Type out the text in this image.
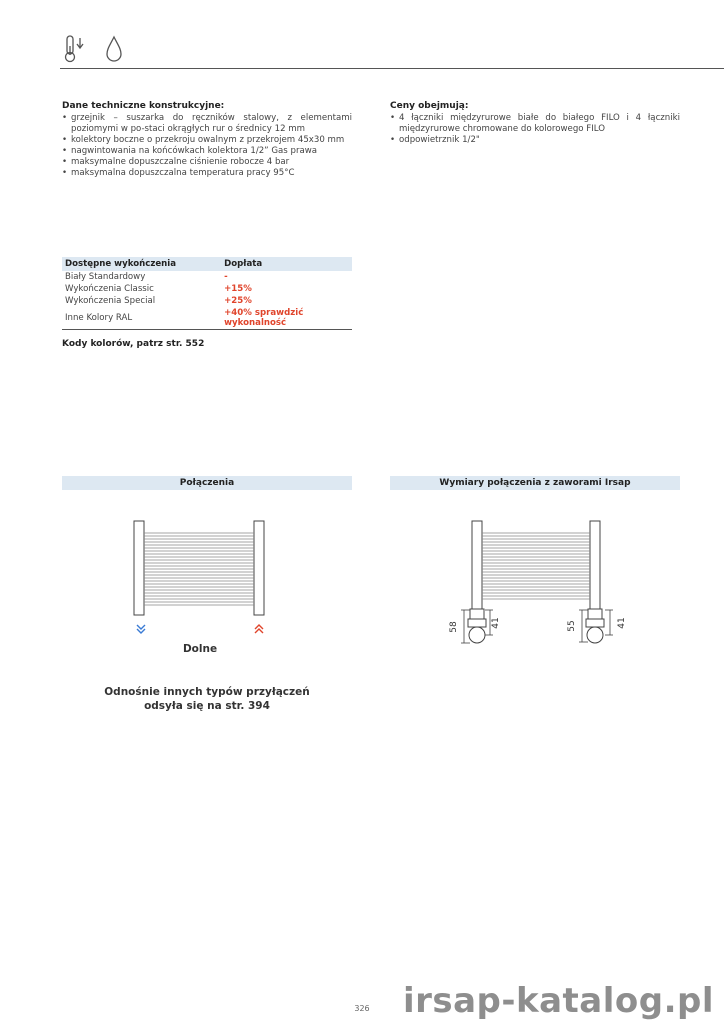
Dane techniczne konstrukcyjne:
• grzejnik – suszarka do ręczników stalowy, z elementami poziomymi w po-staci okrągłych rur o średnicy 12 mm
• kolektory boczne o przekroju owalnym z przekrojem 45x30 mm
• nagwintowania na końcówkach kolektora 1/2” Gas prawa
• maksymalne dopuszczalne ciśnienie robocze 4 bar
• maksymalna dopuszczalna temperatura pracy 95°C
Ceny obejmują:
• 4 łączniki międzyrurowe białe do białego FILO i 4 łączniki międzyrurowe chromowane do kolorowego FILO
• odpowietrznik 1/2"
Dostępne wykończenia	Dopłata
Biały Standardowy	-
Wykończenia Classic	+15%
Wykończenia Special	+25%
Inne Kolory RAL	+40% sprawdzić wykonalność
Kody kolorów, patrz str. 552
Połączenia	Wymiary połączenia z zaworami Irsap
Dolne
Odnośnie innych typów przyłączeń
odsyła się na str. 394
58	41	55	41
326 irsap-katalog.pl
